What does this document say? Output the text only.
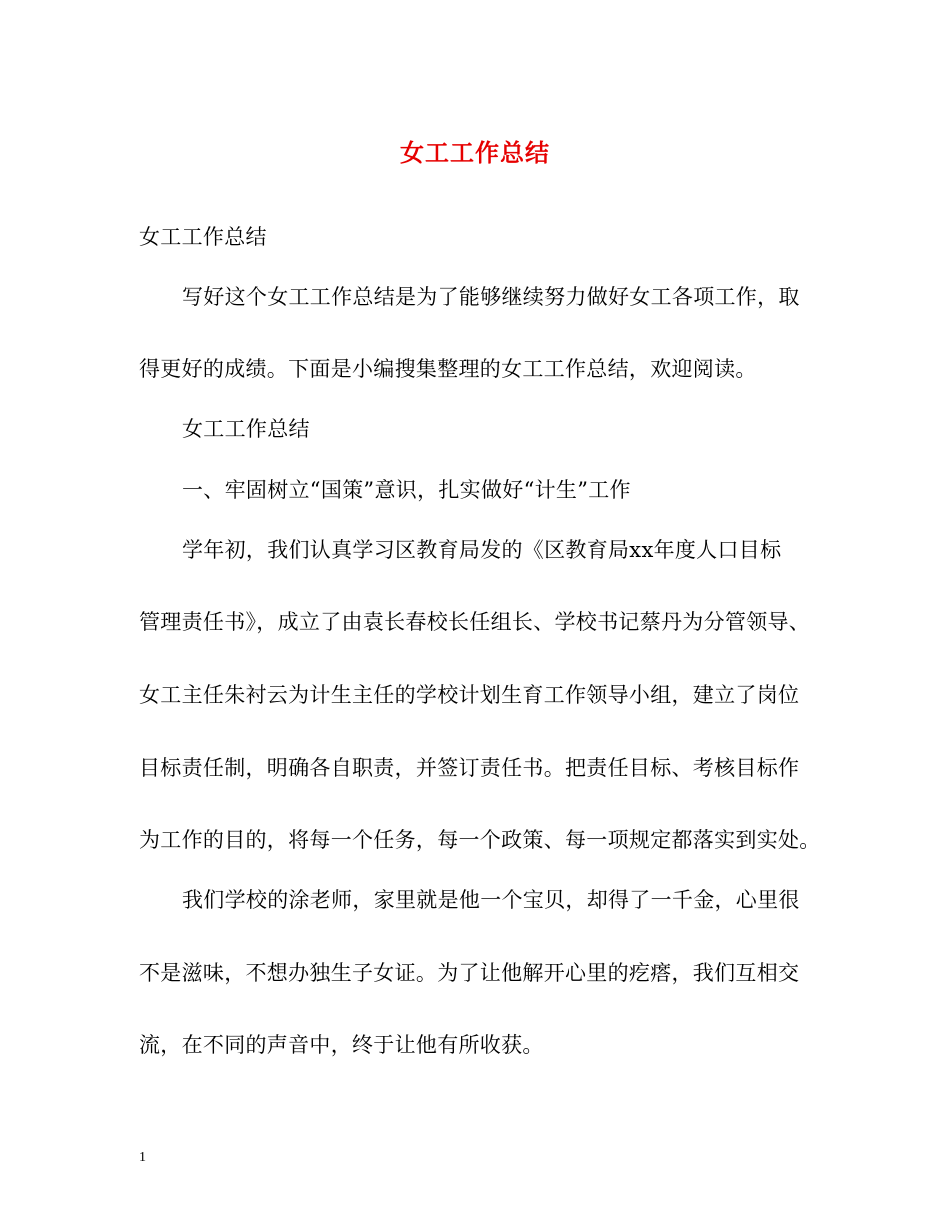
女工工作总结
女工工作总结
写好这个女工工作总结是为了能够继续努力做好女工各项工作，取
得更好的成绩。下面是小编搜集整理的女工工作总结，欢迎阅读。
女工工作总结
一、牢固树立“国策”意识，扎实做好“计生”工作
学年初，我们认真学习区教育局发的《区教育局xx年度人口目标
管理责任书》，成立了由袁长春校长任组长、学校书记蔡丹为分管领导、
女工主任朱衬云为计生主任的学校计划生育工作领导小组，建立了岗位
目标责任制，明确各自职责，并签订责任书。把责任目标、考核目标作
为工作的目的，将每一个任务，每一个政策、每一项规定都落实到实处。
我们学校的涂老师，家里就是他一个宝贝，却得了一千金，心里很
不是滋味，不想办独生子女证。为了让他解开心里的疙瘩，我们互相交
流，在不同的声音中，终于让他有所收获。
1
